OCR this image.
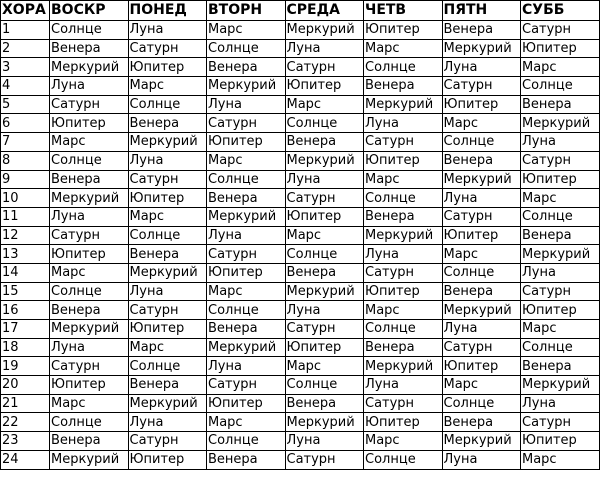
ХОРА	ВОСКР	ПОНЕД	ВТОРН	СРЕДА	ЧЕТВ	ПЯТН	СУББ
1	Солнце	Луна	Марс	Меркурий	Юпитер	Венера	Сатурн
2	Венера	Сатурн	Солнце	Луна	Марс	Меркурий	Юпитер
3	Меркурий	Юпитер	Венера	Сатурн	Солнце	Луна	Марс
4	Луна	Марс	Меркурий	Юпитер	Венера	Сатурн	Солнце
5	Сатурн	Солнце	Луна	Марс	Меркурий	Юпитер	Венера
6	Юпитер	Венера	Сатурн	Солнце	Луна	Марс	Меркурий
7	Марс	Меркурий	Юпитер	Венера	Сатурн	Солнце	Луна
8	Солнце	Луна	Марс	Меркурий	Юпитер	Венера	Сатурн
9	Венера	Сатурн	Солнце	Луна	Марс	Меркурий	Юпитер
10	Меркурий	Юпитер	Венера	Сатурн	Солнце	Луна	Марс
11	Луна	Марс	Меркурий	Юпитер	Венера	Сатурн	Солнце
12	Сатурн	Солнце	Луна	Марс	Меркурий	Юпитер	Венера
13	Юпитер	Венера	Сатурн	Солнце	Луна	Марс	Меркурий
14	Марс	Меркурий	Юпитер	Венера	Сатурн	Солнце	Луна
15	Солнце	Луна	Марс	Меркурий	Юпитер	Венера	Сатурн
16	Венера	Сатурн	Солнце	Луна	Марс	Меркурий	Юпитер
17	Меркурий	Юпитер	Венера	Сатурн	Солнце	Луна	Марс
18	Луна	Марс	Меркурий	Юпитер	Венера	Сатурн	Солнце
19	Сатурн	Солнце	Луна	Марс	Меркурий	Юпитер	Венера
20	Юпитер	Венера	Сатурн	Солнце	Луна	Марс	Меркурий
21	Марс	Меркурий	Юпитер	Венера	Сатурн	Солнце	Луна
22	Солнце	Луна	Марс	Меркурий	Юпитер	Венера	Сатурн
23	Венера	Сатурн	Солнце	Луна	Марс	Меркурий	Юпитер
24	Меркурий	Юпитер	Венера	Сатурн	Солнце	Луна	Марс
